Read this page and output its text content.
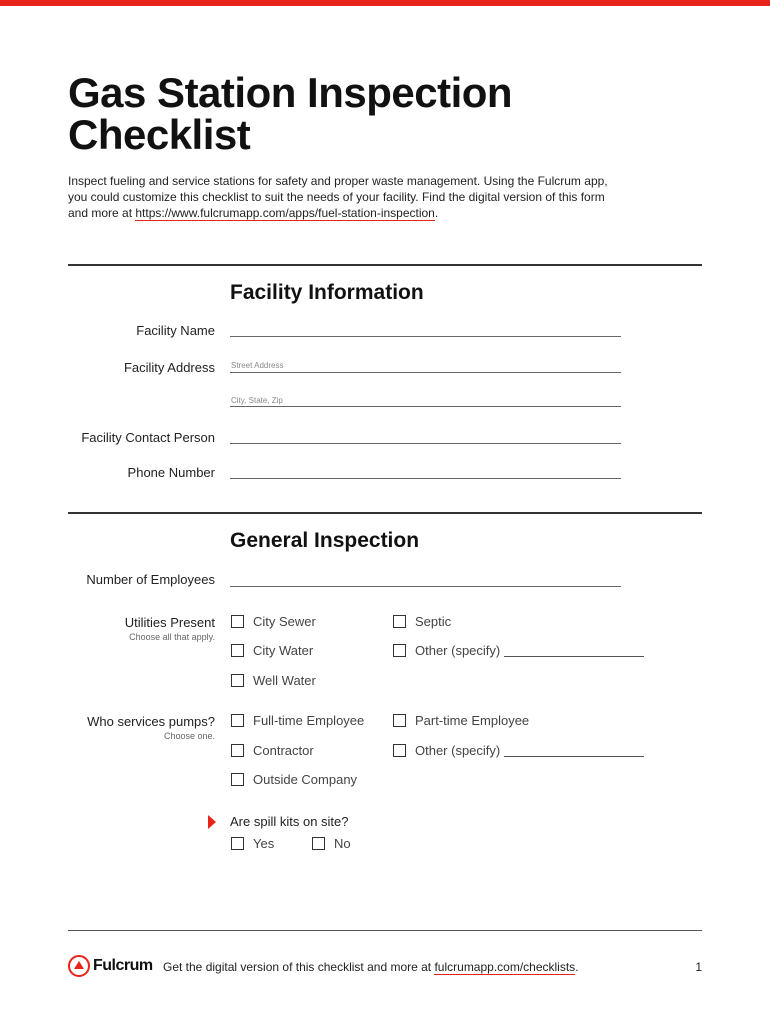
Gas Station Inspection Checklist

Inspect fueling and service stations for safety and proper waste management. Using the Fulcrum app, you could customize this checklist to suit the needs of your facility. Find the digital version of this form and more at https://www.fulcrumapp.com/apps/fuel-station-inspection.

Facility Information
Facility Name
Facility Address Street Address
City, State, Zip
Facility Contact Person
Phone Number
General Inspection
Number of Employees
Utilities Present
Choose all that apply.
City Sewer	Septic
City Water	Other (specify)
Well Water
Who services pumps?
Choose one.
Full-time Employee	Part-time Employee
Contractor	Other (specify)
Outside Company
Are spill kits on site?
Yes	No
Fulcrum Get the digital version of this checklist and more at fulcrumapp.com/checklists.	1
